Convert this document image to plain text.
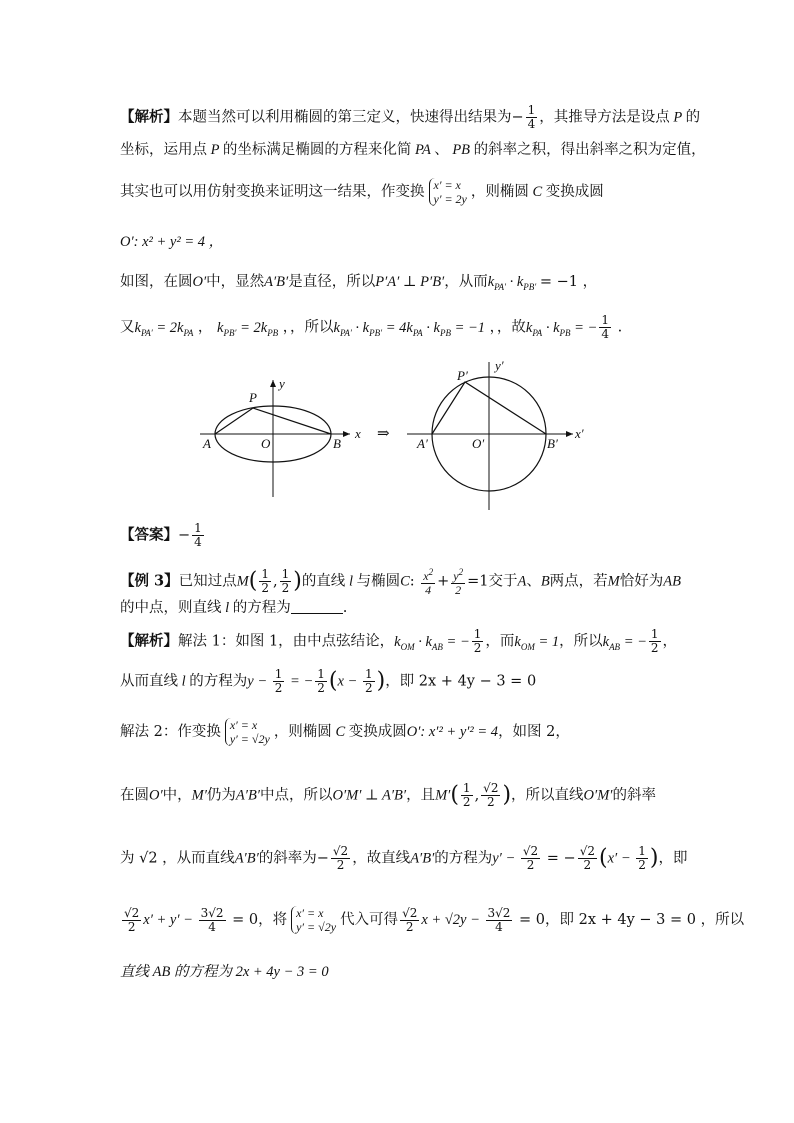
【解析】本题当然可以利用椭圆的第三定义，快速得出结果为− $\frac{1}{4}$ ，其推导方法是设点 P 的
坐标，运用点 P 的坐标满足椭圆的方程来化简 PA 、 PB 的斜率之积，得出斜率之积为定值，
其实也可以用仿射变换来证明这一结果，作变换 x′ = x
y′ = 2y ，则椭圆 C 变换成圆
O′: x² + y² = 4 ，
如图，在圆O′中，显然A′B′是直径，所以P′A′ ⊥ P′B′，从而$k_{PA'} \cdot k_{PB'} = -1$ ，
又$k_{PA'} = 2k_{PA}$ ， $k_{PB'} = 2k_{PB}$ ，，所以$k_{PA'} \cdot k_{PB'} = 4k_{PA} \cdot k_{PB} = -1$ ，，故$k_{PA} \cdot k_{PB}$ = − $\frac{1}{4}$ .
P
A	O	B
x
y
⇒
P′
A′	O′	B′
x′
y′
【答案】− $\frac{1}{4}$
【例 3】已知过点$M( \frac{1}{2}$ , $\frac{1}{2}$ )的直线 l 与椭圆C: $\frac{x^2}{4} + \frac{y^2}{2} =1$交于A、B两点，若M恰好为AB
的中点，则直线 l 的方程为	.
【解析】解法 1：如图 1，由中点弦结论，$k_{OM} \cdot k_{AB}$ = − $\frac{1}{2}$ ，而$k_{OM} = 1$，所以$k_{AB}$ = − $\frac{1}{2}$ ，
从而直线 l 的方程为$y - \frac{1}{2}$ = − $\frac{1}{2} (x - \frac{1}{2}$ )，即 2x + 4y − 3 = 0
解法 2：作变换 x′ = x
y′ = √2y ，则椭圆 C 变换成圆O′: x′² + y′² = 4，如图 2，
在圆O′中，M′仍为A′B′中点，所以O′M′ ⊥ A′B′，且$M'( \frac{1}{2}$ , $\frac{√2}{2}$ )，所以直线O′M′的斜率
为 √2 ，从而直线A′B′的斜率为− $\frac{√2}{2}$ ，故直线A′B′的方程为$y' - \frac{√2}{2}$ = − $\frac{√2}{2} (x' - \frac{1}{2}$ )，即
$\frac{√2}{2} x' + y' - \frac{3√2}{4} = 0$，将 x′ = x
y′ = √2y 代入可得 $\frac{√2}{2}$ $x + √2y - \frac{3√2}{4} = 0$，即 2x + 4y − 3 = 0 ，所以
直线 AB 的方程为 2x + 4y − 3 = 0
